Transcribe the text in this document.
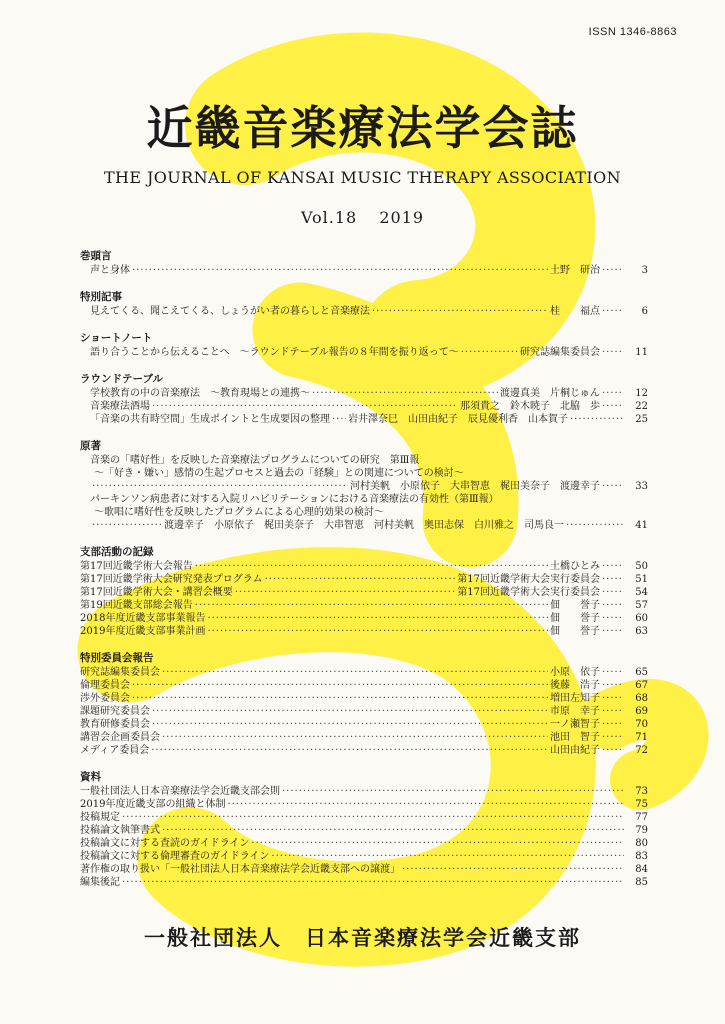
ISSN 1346-8863
近畿音楽療法学会誌
THE JOURNAL OF KANSAI MUSIC THERAPY ASSOCIATION
Vol.18 2019
巻頭言
声と身体 ·····	土野　研治 ·····	3
特別記事
見えてくる、聞こえてくる、しょうがい者の暮らしと音楽療法 ·····	桂　　福点 ·····	6
ショートノート
語り合うことから伝えることへ　～ラウンドテーブル報告の８年間を振り返って～ ·····	研究誌編集委員会 ·····	11
ラウンドテーブル
学校教育の中の音楽療法　～教育現場との連携～ ·····	渡邊真美　片桐じゅん ·····	12
音楽療法酒場 ·····	那須貴之　鈴木暁子　北脇　歩 ·····	22
「音楽の共有時空間」生成ポイントと生成要因の整理 ····· 岩井澤奈巳　山田由紀子　辰見優利香　山本賀子 ·····	25
原著
音楽の「嗜好性」を反映した音楽療法プログラムについての研究　第Ⅲ報
～「好き・嫌い」感情の生起プロセスと過去の「経験」との関連についての検討～
·····
河村美帆　小原依子　大串智恵　梶田美奈子　渡邊幸子 ·····	33
パーキンソン病患者に対する入院リハビリテーションにおける音楽療法の有効性（第Ⅲ報）
～歌唱に嗜好性を反映したプログラムによる心理的効果の検討～
·····
渡邊幸子　小原依子　梶田美奈子　大串智恵　河村美帆　奥田志保　白川雅之　司馬良一 ·····	41
支部活動の記録
第17回近畿学術大会報告 ·····	土橋ひとみ ·····	50
第17回近畿学術大会研究発表プログラム ·····	第17回近畿学術大会実行委員会 ·····	51
第17回近畿学術大会・講習会概要 ·····	第17回近畿学術大会実行委員会 ·····	54
第19回近畿支部総会報告 ·····	佃　　誉子 ·····	57
2018年度近畿支部事業報告 ·····	佃　　誉子 ·····	60
2019年度近畿支部事業計画 ·····	佃　　誉子 ·····	63
特別委員会報告
研究誌編集委員会 ·····	小原　依子 ·····	65
倫理委員会 ·····	後藤　浩子 ·····	67
渉外委員会 ·····	増田左知子 ·····	68
課題研究委員会 ·····	市原　幸子 ·····	69
教育研修委員会 ·····	一ノ瀬智子 ·····	70
講習会企画委員会 ·····	池田　智子 ·····	71
メディア委員会 ·····	山田由紀子 ·····	72
資料
一般社団法人日本音楽療法学会近畿支部会則 ·····	73
2019年度近畿支部の組織と体制 ·····	75
投稿規定 ·····	77
投稿論文執筆書式 ·····	79
投稿論文に対する査読のガイドライン ·····	80
投稿論文に対する倫理審査のガイドライン ·····	83
著作権の取り扱い「一般社団法人日本音楽療法学会近畿支部への譲渡」 ·····	84
編集後記 ·····	85
一般社団法人　日本音楽療法学会近畿支部
